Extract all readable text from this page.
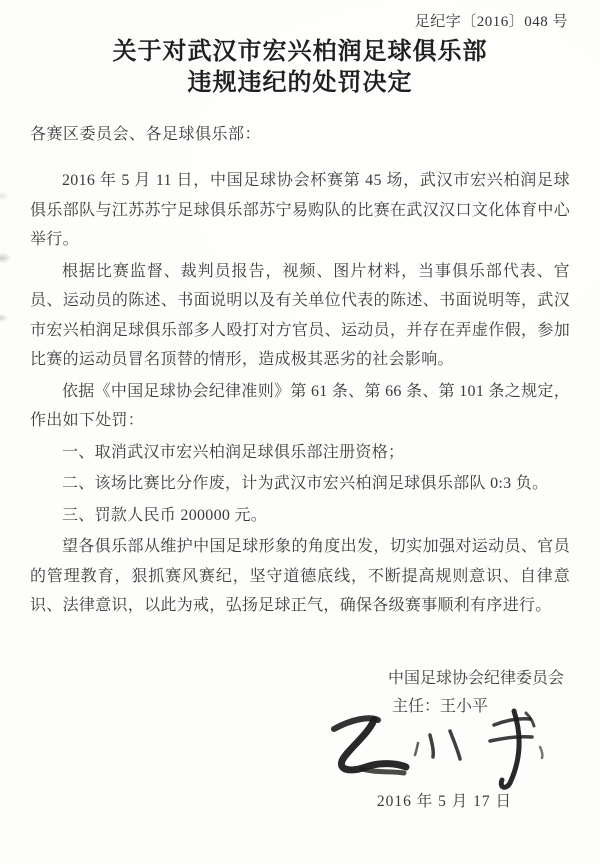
足纪字〔2016〕048 号
关于对武汉市宏兴柏润足球俱乐部
违规违纪的处罚决定
各赛区委员会、各足球俱乐部：

2016 年 5 月 11 日，中国足球协会杯赛第 45 场，武汉市宏兴柏润足球俱乐部队与江苏苏宁足球俱乐部苏宁易购队的比赛在武汉汉口文化体育中心举行。

根据比赛监督、裁判员报告，视频、图片材料，当事俱乐部代表、官员、运动员的陈述、书面说明以及有关单位代表的陈述、书面说明等，武汉市宏兴柏润足球俱乐部多人殴打对方官员、运动员，并存在弄虚作假，参加比赛的运动员冒名顶替的情形，造成极其恶劣的社会影响。

依据《中国足球协会纪律准则》第 61 条、第 66 条、第 101 条之规定，作出如下处罚：

一、取消武汉市宏兴柏润足球俱乐部注册资格；

二、该场比赛比分作废，计为武汉市宏兴柏润足球俱乐部队 0:3 负。

三、罚款人民币 200000 元。

望各俱乐部从维护中国足球形象的角度出发，切实加强对运动员、官员的管理教育，狠抓赛风赛纪，坚守道德底线，不断提高规则意识、自律意识、法律意识，以此为戒，弘扬足球正气，确保各级赛事顺利有序进行。

中国足球协会纪律委员会
主任：王小平
2016 年 5 月 17 日
